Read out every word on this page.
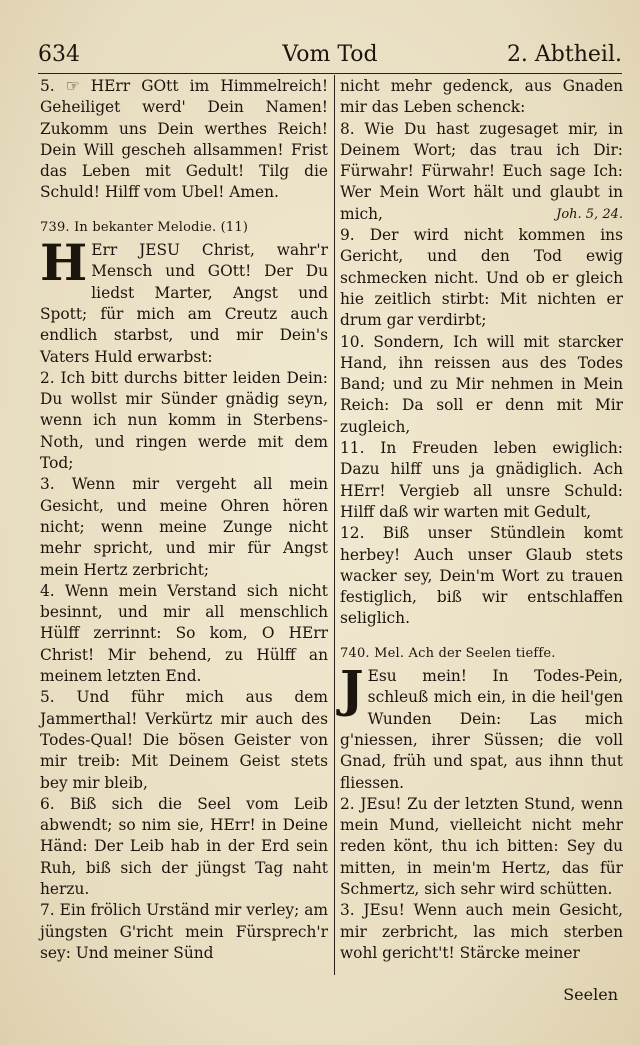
634	Vom Tod	2. Abtheil.

5. ☞ HErr GOtt im Himmelreich! Geheiliget werd' Dein Namen! Zukomm uns Dein werthes Reich! Dein Will gescheh allsammen! Frist das Leben mit Gedult! Tilg die Schuld! Hilff vom Ubel! Amen.

739. In bekanter Melodie. (11)

H Err JESU Christ, wahr'r Mensch und GOtt! Der Du liedst Marter, Angst und Spott; für mich am Creutz auch endlich starbst, und mir Dein's Vaters Huld erwarbst:

2. Ich bitt durchs bitter leiden Dein: Du wollst mir Sünder gnädig seyn, wenn ich nun komm in Sterbens-Noth, und ringen werde mit dem Tod;

3. Wenn mir vergeht all mein Gesicht, und meine Ohren hören nicht; wenn meine Zunge nicht mehr spricht, und mir für Angst mein Hertz zerbricht;

4. Wenn mein Verstand sich nicht besinnt, und mir all menschlich Hülff zerrinnt: So kom, O HErr Christ! Mir behend, zu Hülff an meinem letzten End.

5. Und führ mich aus dem Jammerthal! Verkürtz mir auch des Todes-Qual! Die bösen Geister von mir treib: Mit Deinem Geist stets bey mir bleib,

6. Biß sich die Seel vom Leib abwendt; so nim sie, HErr! in Deine Händ: Der Leib hab in der Erd sein Ruh, biß sich der jüngst Tag naht herzu.

7. Ein frölich Urständ mir verley; am jüngsten G'richt mein Fürsprech'r sey: Und meiner Sünd

nicht mehr gedenck, aus Gnaden mir das Leben schenck:

8. Wie Du hast zugesaget mir, in Deinem Wort; das trau ich Dir: Fürwahr! Fürwahr! Euch sage Ich: Wer Mein Wort hält und glaubt in mich,	Joh. 5, 24.

9. Der wird nicht kommen ins Gericht, und den Tod ewig schmecken nicht. Und ob er gleich hie zeitlich stirbt: Mit nichten er drum gar verdirbt;

10. Sondern, Ich will mit starcker Hand, ihn reissen aus des Todes Band; und zu Mir nehmen in Mein Reich: Da soll er denn mit Mir zugleich,

11. In Freuden leben ewiglich: Dazu hilff uns ja gnädiglich. Ach HErr! Vergieb all unsre Schuld: Hilff daß wir warten mit Gedult,

12. Biß unser Stündlein komt herbey! Auch unser Glaub stets wacker sey, Dein'm Wort zu trauen festiglich, biß wir entschlaffen seliglich.

740. Mel. Ach der Seelen tieffe.

J Esu mein! In Todes-Pein, schleuß mich ein, in die heil'gen Wunden Dein: Las mich g'niessen, ihrer Süssen; die voll Gnad, früh und spat, aus ihnn thut fliessen.

2. JEsu! Zu der letzten Stund, wenn mein Mund, vielleicht nicht mehr reden könt, thu ich bitten: Sey du mitten, in mein'm Hertz, das für Schmertz, sich sehr wird schütten.

3. JEsu! Wenn auch mein Gesicht, mir zerbricht, las mich sterben wohl gericht't! Stärcke meiner

Seelen
